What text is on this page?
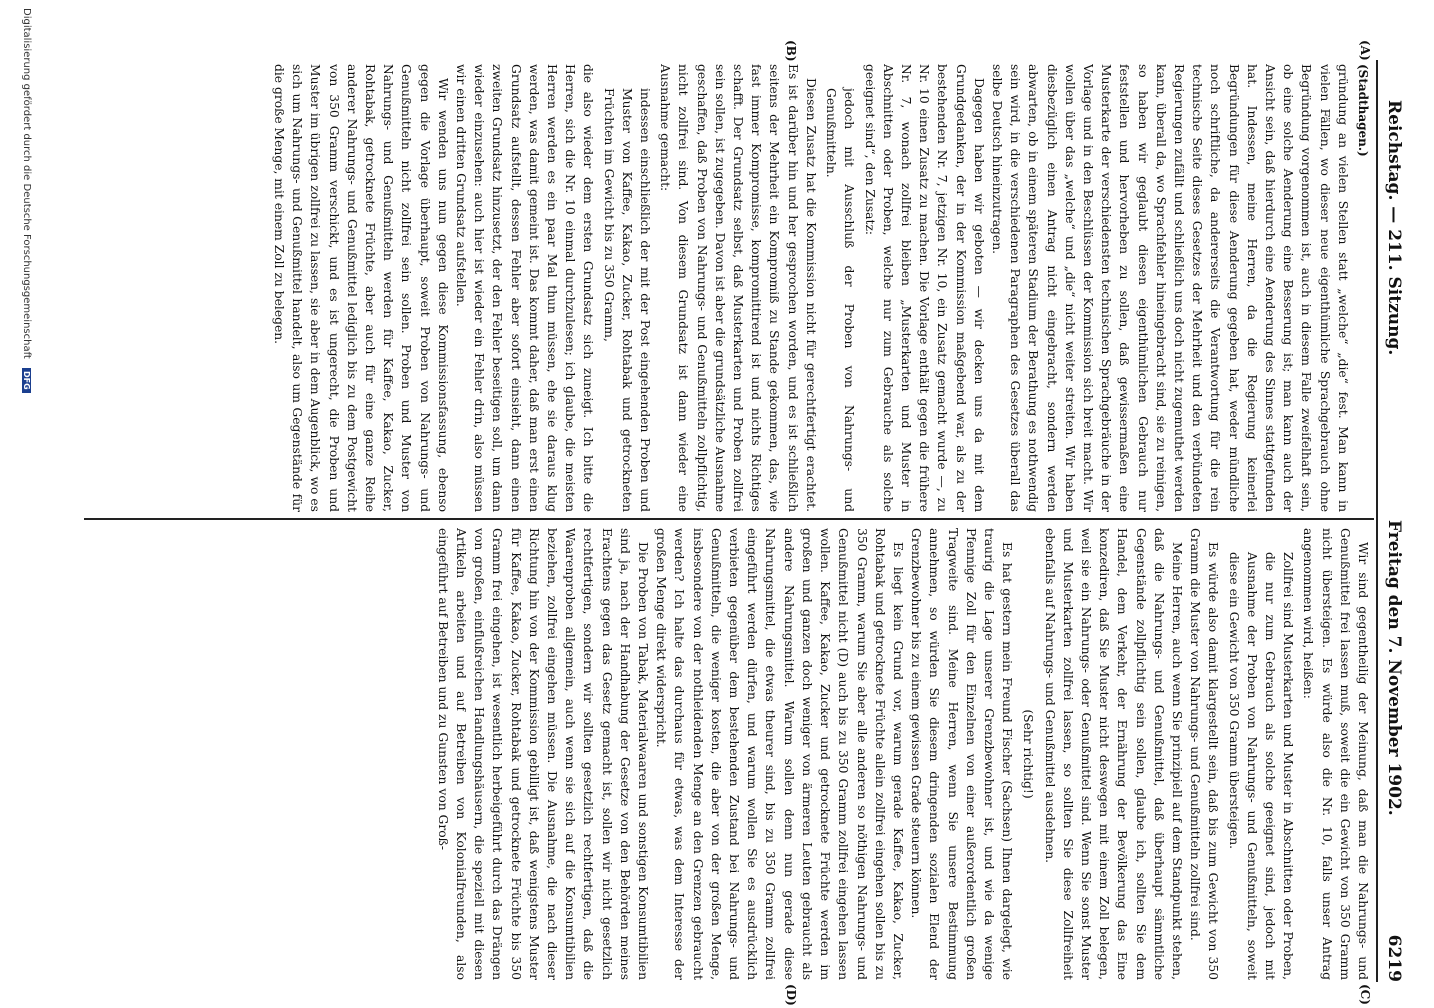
Reichstag. — 211. Sitzung.
Freitag den 7. November 1902.
6219
(A)
(B)
(C)
(D)

(Stadthagen.)

gründung an vielen Stellen statt „welche“ „die“ fest. Man kann in vielen Fällen, wo dieser neue eigenthümliche Sprachgebrauch ohne Begründung vorgenommen ist, auch in diesem Falle zweifelhaft sein, ob eine solche Aenderung eine Besserung ist; man kann auch der Ansicht sein, daß hierdurch eine Aenderung des Sinnes stattgefunden hat. Indessen, meine Herren, da die Regierung keinerlei Begründungen für diese Aenderung gegeben hat, weder mündliche noch schriftliche, da andererseits die Verantwortung für die rein technische Seite dieses Gesetzes der Mehrheit und den verbündeten Regierungen zufällt und schließlich uns doch nicht zugemuthet werden kann, überall da, wo Sprachfehler hineingebracht sind, sie zu reinigen, so haben wir geglaubt diesen eigenthümlichen Gebrauch nur feststellen und hervorheben zu sollen, daß gewissermaßen eine Musterkarte der verschiedensten technischen Sprachgebräuche in der Vorlage und in den Beschlüssen der Kommission sich breit macht. Wir wollen über das „welche“ und „die“ nicht weiter streiten. Wir haben diesbezüglich einen Antrag nicht eingebracht, sondern werden abwarten, ob in einem späteren Stadium der Berathung es nothwendig sein wird, in die verschiedenen Paragraphen des Gesetzes überall das selbe Deutsch hineinzutragen.

Dagegen haben wir geboten — wir decken uns da mit dem Grundgedanken, der in der Kommission maßgebend war, als zu der bestehenden Nr. 7, jetzigen Nr. 10, ein Zusatz gemacht wurde —, zu Nr. 10 einen Zusatz zu machen. Die Vorlage enthält gegen die frühere Nr. 7, wonach zollfrei bleiben „Musterkarten und Muster in Abschnitten oder Proben, welche nur zum Gebrauche als solche geeignet sind“, den Zusatz:

jedoch mit Ausschluß der Proben von Nahrungs- und Genußmitteln.

Diesen Zusatz hat die Kommission nicht für gerechtfertigt erachtet. Es ist darüber hin und her gesprochen worden, und es ist schließlich seitens der Mehrheit ein Kompromiß zu Stande gekommen, das, wie fast immer Kompromisse, kompromittirend ist und nichts Richtiges schafft. Der Grundsatz selbst, daß Musterkarten und Proben zollfrei sein sollen, ist zugegeben. Davon ist aber die grundsätzliche Ausnahme geschaffen, daß Proben von Nahrungs- und Genußmitteln zollpflichtig, nicht zollfrei sind. Von diesem Grundsatz ist dann wieder eine Ausnahme gemacht:

indessen einschließlich der mit der Post eingehenden Proben und Muster von Kaffee, Kakao, Zucker, Rohtabak und getrockneten Früchten im Gewicht bis zu 350 Gramm,

die also wieder dem ersten Grundsatz sich zuneigt. Ich bitte die Herren, sich die Nr. 10 einmal durchzulesen; ich glaube, die meisten Herren werden es ein paar Mal thun müssen, ehe sie daraus klug werden, was damit gemeint ist. Das kommt daher, daß man erst einen Grundsatz aufstellt, dessen Fehler aber sofort einsieht, dann einen zweiten Grundsatz hinzusetzt, der den Fehler beseitigen soll, um dann wieder einzusehen: auch hier ist wieder ein Fehler drin, also müssen wir einen dritten Grundsatz aufstellen.

Wir wenden uns nun gegen diese Kommissionsfassung, ebenso gegen die Vorlage überhaupt, soweit Proben von Nahrungs- und Genußmitteln nicht zollfrei sein sollen. Proben und Muster von Nahrungs- und Genußmitteln werden für Kaffee, Kakao, Zucker, Rohtabak, getrocknete Früchte, aber auch für eine ganze Reihe anderer Nahrungs- und Genußmittel lediglich bis zu dem Postgewicht von 350 Gramm verschickt, und es ist ungerecht, die Proben und Muster im übrigen zollfrei zu lassen, sie aber in dem Augenblick, wo es sich um Nahrungs- und Genußmittel handelt, also um Gegenstände für die große Menge, mit einem Zoll zu belegen.

Wir sind gegentheilig der Meinung, daß man die Nahrungs- und Genußmittel frei lassen muß, soweit die ein Gewicht von 350 Gramm nicht übersteigen. Es würde also die Nr. 10, falls unser Antrag angenommen wird, heißen:

Zollfrei sind Musterkarten und Muster in Abschnitten oder Proben, die nur zum Gebrauch als solche geeignet sind, jedoch mit Ausnahme der Proben von Nahrungs- und Genußmitteln, soweit diese ein Gewicht von 350 Gramm übersteigen.

Es würde also damit klargestellt sein, daß bis zum Gewicht von 350 Gramm die Muster von Nahrungs- und Genußmitteln zollfrei sind.

Meine Herren, auch wenn Sie prinzipiell auf dem Standpunkt stehen, daß die Nahrungs- und Genußmittel, daß überhaupt sämmtliche Gegenstände zollpflichtig sein sollen, glaube ich, sollten Sie dem Handel, dem Verkehr, der Ernährung der Bevölkerung das Eine konzediren, daß Sie Muster nicht deswegen mit einem Zoll belegen, weil sie ein Nahrungs- oder Genußmittel sind. Wenn Sie sonst Muster und Musterkarten zollfrei lassen, so sollten Sie diese Zollfreiheit ebenfalls auf Nahrungs- und Genußmittel ausdehnen.

(Sehr richtig!)

Es hat gestern mein Freund Fischer (Sachsen) Ihnen dargelegt, wie traurig die Lage unserer Grenzbewohner ist, und wie da wenige Pfennige Zoll für den Einzelnen von einer außerordentlich großen Tragweite sind. Meine Herren, wenn Sie unsere Bestimmung annehmen, so würden Sie diesem dringenden sozialen Elend der Grenzbewohner bis zu einem gewissen Grade steuern können.

Es liegt kein Grund vor, warum gerade Kaffee, Kakao, Zucker, Rohtabak und getrocknete Früchte allein zollfrei eingehen sollen bis zu 350 Gramm, warum Sie aber alle anderen so nöthigen Nahrungs- und Genußmittel nicht (D) auch bis zu 350 Gramm zollfrei eingehen lassen wollen. Kaffee, Kakao, Zucker und getrocknete Früchte werden im großen und ganzen doch weniger von ärmeren Leuten gebraucht als andere Nahrungsmittel. Warum sollen denn nun gerade diese Nahrungsmittel, die etwas theurer sind, bis zu 350 Gramm zollfrei eingeführt werden dürfen, und warum wollen Sie es ausdrücklich verbieten gegenüber dem bestehenden Zustand bei Nahrungs- und Genußmitteln, die weniger kosten, die aber von der großen Menge, insbesondere von der nothleidenden Menge an den Grenzen gebraucht werden? Ich halte das durchaus für etwas, was dem Interesse der großen Menge direkt widerspricht.

Die Proben von Tabak, Materialwaaren und sonstigen Konsumtibilien sind ja, nach der Handhabung der Gesetze von den Behörden meines Erachtens gegen das Gesetz gemacht ist, sollen wir nicht gesetzlich rechtfertigen, sondern wir sollten gesetzlich rechtfertigen, daß die Waarenproben allgemein, auch wenn sie sich auf die Konsumtibilien beziehen, zollfrei eingehen müssen. Die Ausnahme, die nach dieser Richtung hin von der Kommission gebilligt ist, daß wenigstens Muster für Kaffee, Kakao, Zucker, Rohtabak und getrocknete Früchte bis 350 Gramm frei eingehen, ist wesentlich herbeigeführt durch das Drängen von großen, einflußreichen Handlungshäusern, die speziell mit diesen Artikeln arbeiten und auf Betreiben von Kolonialfreunden, also eingeführt auf Betreiben und zu Gunsten von Groß-

Digitalisierung gefördert durch die Deutsche Forschungsgemeinschaft DFG
